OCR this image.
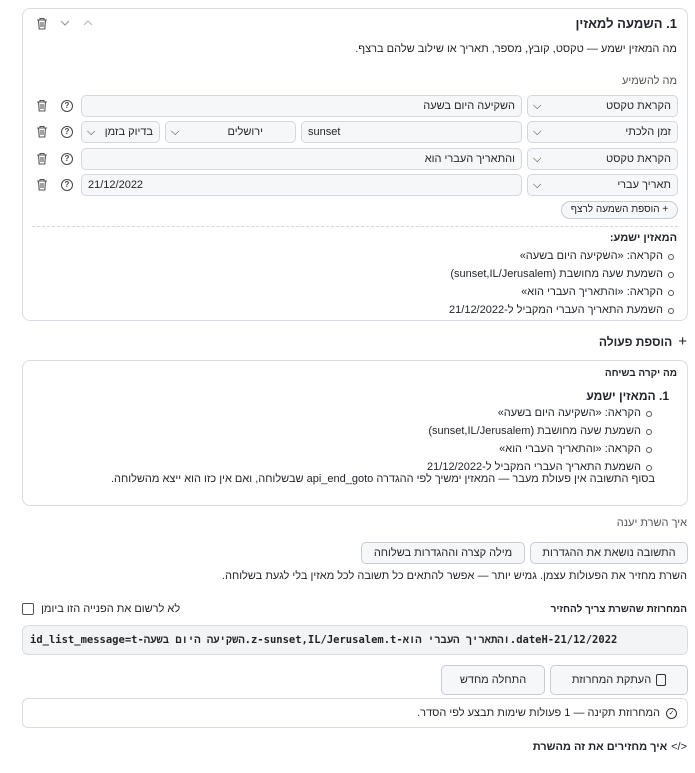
1. השמעה למאזין
מה המאזין ישמע — טקסט, קובץ, מספר, תאריך או שילוב שלהם ברצף.
מה להשמיע
הקראת טקסט
⌵
השקיעה היום בשעה
?
זמן הלכתי
⌵
sunset
ירושלים
⌵
בדיוק בזמן
⌵
?
הקראת טקסט
⌵
והתאריך העברי הוא
?
תאריך עברי
⌵
21/12/2022
?
+ הוספת השמעה לרצף
המאזין ישמע:
הקראה: «השקיעה היום בשעה»
השמעת שעה מחושבת (sunset,IL/Jerusalem)
הקראה: «והתאריך העברי הוא»
השמעת התאריך העברי המקביל ל-21/12/2022
+הוספת פעולה
מה יקרה בשיחה
1. המאזין ישמע
הקראה: «השקיעה היום בשעה»
השמעת שעה מחושבת (sunset,IL/Jerusalem)
הקראה: «והתאריך העברי הוא»
השמעת התאריך העברי המקביל ל-21/12/2022
בסוף התשובה אין פעולת מעבר — המאזין ימשיך לפי ההגדרה api_end_goto שבשלוחה, ואם אין כזו הוא ייצא מהשלוחה.
איך השרת יענה
התשובה נושאת את ההגדרות
מילה קצרה וההגדרות בשלוחה
השרת מחזיר את הפעולות עצמן. גמיש יותר — אפשר להתאים כל תשובה לכל מאזין בלי לגעת בשלוחה.
המחרוזת שהשרת צריך להחזיר
לא לרשום את הפנייה הזו ביומן
id_list_message=t-השקיעה היום בשעה.z-sunset,IL/Jerusalem.t-והתאריך העברי הוא.dateH-21/12/2022
העתקת המחרוזת
התחלה מחדש
✓המחרוזת תקינה — 1 פעולות שימות תבצע לפי הסדר.
</>איך מחזירים את זה מהשרת
